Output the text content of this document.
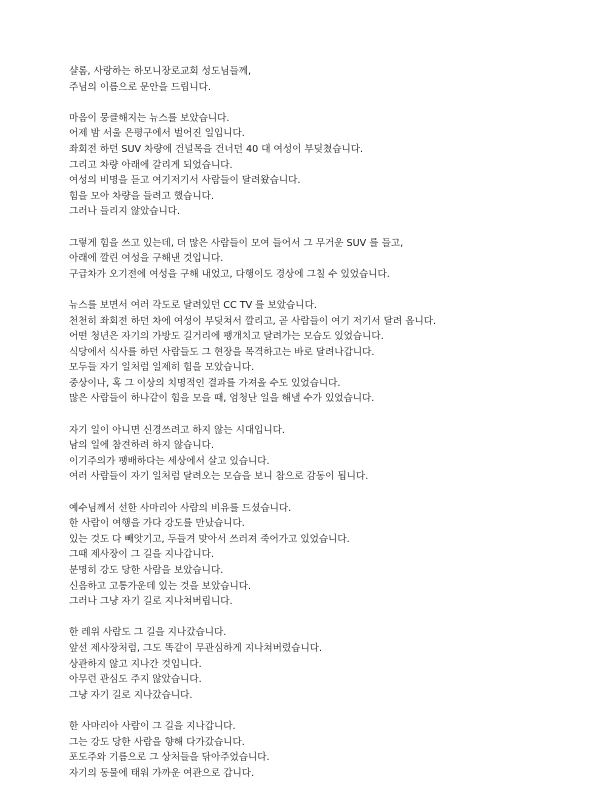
샬롬, 사랑하는 하모니장로교회 성도님들께,
주님의 이름으로 문안을 드립니다.
마음이 뭉클해지는 뉴스를 보았습니다.
어제 밤 서울 은평구에서 벌어진 일입니다.
좌회전 하던 SUV 차량에 건널목을 건너던 40 대 여성이 부딪쳤습니다.
그리고 차량 아래에 갈리게 되었습니다.
여성의 비명을 듣고 여기저기서 사람들이 달려왔습니다.
힘을 모아 차량을 들려고 했습니다.
그러나 들리지 않았습니다.
그렇게 힘을 쓰고 있는데, 더 많은 사람들이 모여 들어서 그 무거운 SUV 를 들고,
아래에 깔린 여성을 구해낸 것입니다.
구급차가 오기전에 여성을 구해 내었고, 다행이도 경상에 그칠 수 있었습니다.
뉴스를 보면서 여러 각도로 달려있던 CC TV 를 보았습니다.
천천히 좌회전 하던 차에 여성이 부딪쳐서 깔리고, 곧 사람들이 여기 저기서 달려 옵니다.
어떤 청년은 자기의 가방도 길거리에 팽개치고 달려가는 모습도 있었습니다.
식당에서 식사를 하던 사람들도 그 현장을 목격하고는 바로 달려나갑니다.
모두들 자기 일처럼 일제히 힘을 모았습니다.
중상이나, 혹 그 이상의 치명적인 결과를 가져올 수도 있었습니다.
많은 사람들이 하나같이 힘을 모을 때, 엄청난 일을 해낼 수가 있었습니다.
자기 일이 아니면 신경쓰려고 하지 않는 시대입니다.
남의 일에 참견하려 하지 않습니다.
이기주의가 팽배하다는 세상에서 살고 있습니다.
여러 사람들이 자기 일처럼 달려오는 모습을 보니 참으로 감동이 됩니다.
예수님께서 선한 사마리아 사람의 비유를 드셨습니다.
한 사람이 여행을 가다 강도를 만났습니다.
있는 것도 다 빼앗기고, 두들겨 맞아서 쓰러져 죽어가고 있었습니다.
그때 제사장이 그 길을 지나갑니다.
분명히 강도 당한 사람을 보았습니다.
신음하고 고통가운데 있는 것을 보았습니다.
그러나 그냥 자기 길로 지나쳐버립니다.
한 레위 사람도 그 길을 지나갔습니다.
앞선 제사장처럼, 그도 똑같이 무관심하게 지나쳐버렸습니다.
상관하지 않고 지나간 것입니다.
아무런 관심도 주지 않았습니다.
그냥 자기 길로 지나갔습니다.
한 사마리아 사람이 그 길을 지나갑니다.
그는 강도 당한 사람을 향해 다가갔습니다.
포도주와 기름으로 그 상처들을 닦아주었습니다.
자기의 동물에 태워 가까운 여관으로 갑니다.
